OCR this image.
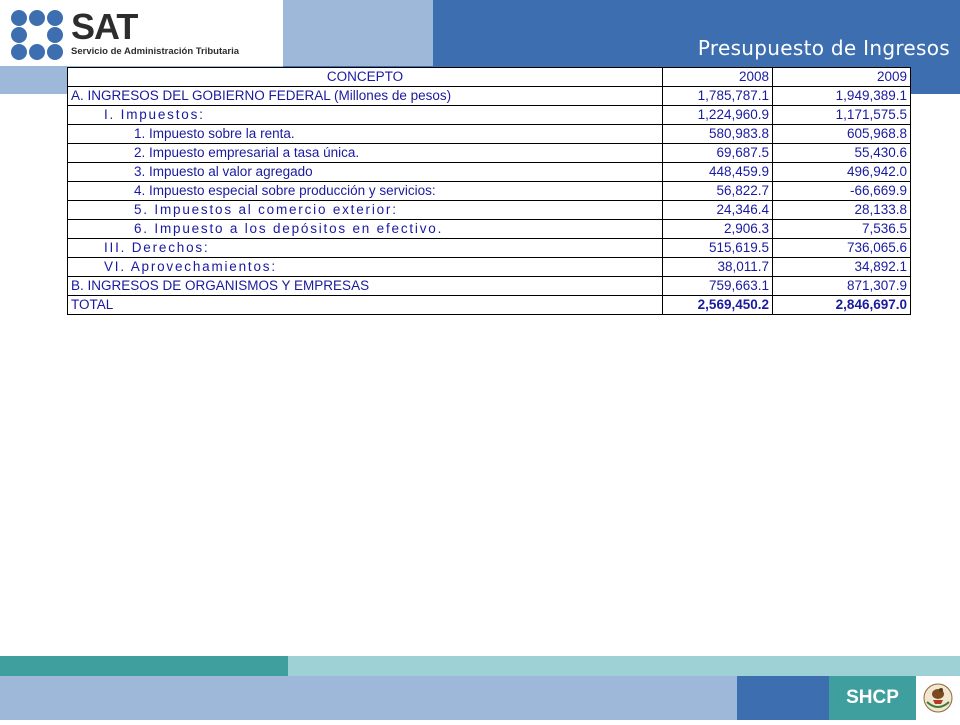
SAT
Servicio de Administración Tributaria	Presupuesto de Ingresos
CONCEPTO	2008	2009
A. INGRESOS DEL GOBIERNO FEDERAL (Millones de pesos)	1,785,787.1	1,949,389.1
I. Impuestos:	1,224,960.9	1,171,575.5
1. Impuesto sobre la renta.	580,983.8	605,968.8
2. Impuesto empresarial a tasa única.	69,687.5	55,430.6
3. Impuesto al valor agregado	448,459.9	496,942.0
4. Impuesto especial sobre producción y servicios:	56,822.7	-66,669.9
5. Impuestos al comercio exterior:	24,346.4	28,133.8
6. Impuesto a los depósitos en efectivo.	2,906.3	7,536.5
III. Derechos:	515,619.5	736,065.6
VI. Aprovechamientos:	38,011.7	34,892.1
B. INGRESOS DE ORGANISMOS Y EMPRESAS	759,663.1	871,307.9
TOTAL	2,569,450.2	2,846,697.0
SHCP
